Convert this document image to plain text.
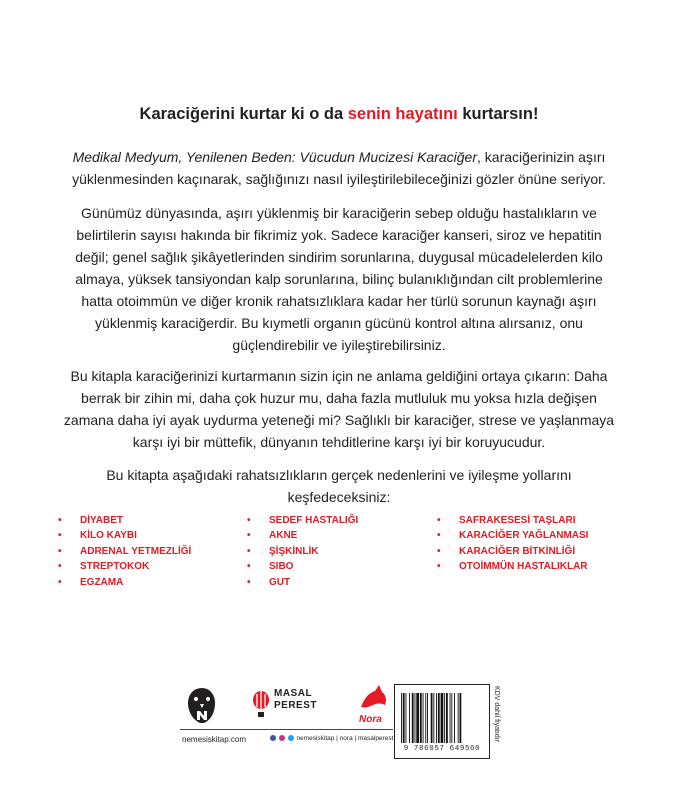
Karaciğerini kurtar ki o da senin hayatını kurtarsın!

Medikal Medyum, Yenilenen Beden: Vücudun Mucizesi Karaciğer, karaciğerinizin aşırı yüklenmesinden kaçınarak, sağlığınızı nasıl iyileştirilebileceğinizi gözler önüne seriyor.

Günümüz dünyasında, aşırı yüklenmiş bir karaciğerin sebep olduğu hastalıkların ve belirtilerin sayısı hakında bir fikrimiz yok. Sadece karaciğer kanseri, siroz ve hepatitin değil; genel sağlık şikâyetlerinden sindirim sorunlarına, duygusal mücadelelerden kilo almaya, yüksek tansiyondan kalp sorunlarına, bilinç bulanıklığından cilt problemlerine hatta otoimmün ve diğer kronik rahatsızlıklara kadar her türlü sorunun kaynağı aşırı yüklenmiş karaciğerdir. Bu kıymetli organın gücünü kontrol altına alırsanız, onu güçlendirebilir ve iyileştirebilirsiniz.

Bu kitapla karaciğerinizi kurtarmanın sizin için ne anlama geldiğini ortaya çıkarın: Daha berrak bir zihin mi, daha çok huzur mu, daha fazla mutluluk mu yoksa hızla değişen zamana daha iyi ayak uydurma yeteneği mi? Sağlıklı bir karaciğer, strese ve yaşlanmaya karşı iyi bir müttefik, dünyanın tehditlerine karşı iyi bir koruyucudur.

Bu kitapta aşağıdaki rahatsızlıkların gerçek nedenlerini ve iyileşme yollarını keşfedeceksiniz:

• DİYABET
• KİLO KAYBI
• ADRENAL YETMEZLİĞİ
• STREPTOKOK
• EGZAMA
• SEDEF HASTALIĞI
• AKNE
• ŞİŞKİNLİK
• SIBO
• GUT
• SAFRAKESESİ TAŞLARI
• KARACİĞER YAĞLANMASI
• KARACİĞER BİTKİNLİĞİ
• OTOİMMÜN HASTALIKLAR
MASAL
PEREST
Nora
nemesiskitap.com	nemesiskitap | nora | masalperest
9 786057 649560
KDV dahil fiyatıdır
